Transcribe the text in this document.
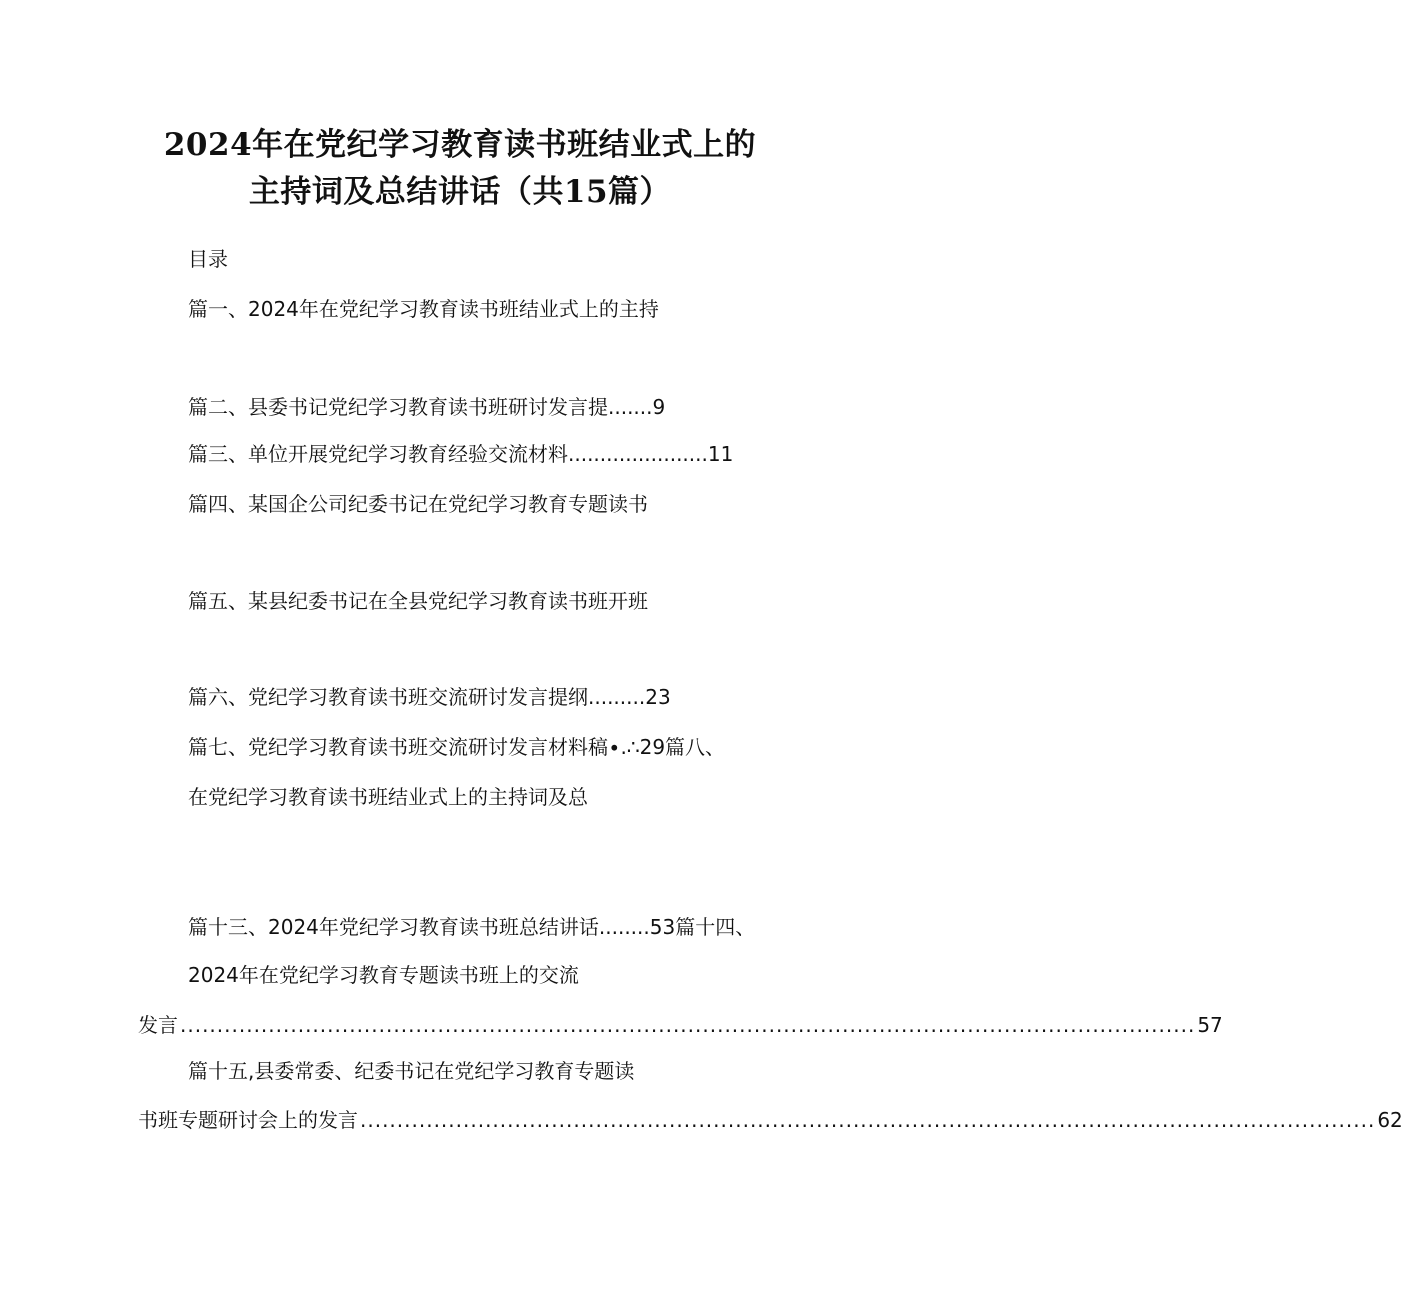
2024年在党纪学习教育读书班结业式上的
主持词及总结讲话（共15篇）
目录
篇一、2024年在党纪学习教育读书班结业式上的主持
篇二、县委书记党纪学习教育读书班研讨发言提.......9
篇三、单位开展党纪学习教育经验交流材料......................11
篇四、某国企公司纪委书记在党纪学习教育专题读书
篇五、某县纪委书记在全县党纪学习教育读书班开班
篇六、党纪学习教育读书班交流研讨发言提纲.........23
篇七、党纪学习教育读书班交流研讨发言材料稿∙.∴29篇八、
在党纪学习教育读书班结业式上的主持词及总
篇十三、2024年党纪学习教育读书班总结讲话........53篇十四、
2024年在党纪学习教育专题读书班上的交流
发言 .......................................................................................................................................... 57
篇十五,县委常委、纪委书记在党纪学习教育专题读
书班专题研讨会上的发言 .......................................................................................................................................... 62
